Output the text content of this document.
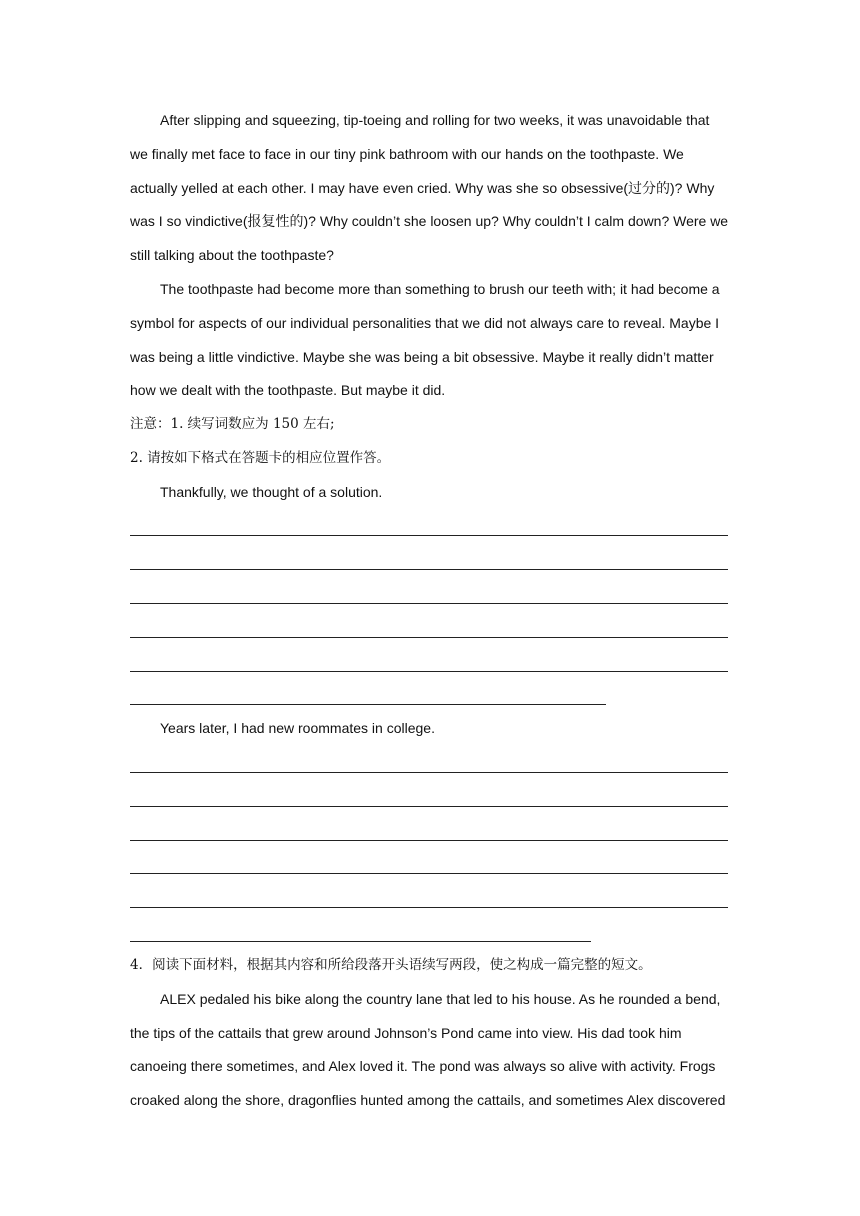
After slipping and squeezing, tip-toeing and rolling for two weeks, it was unavoidable that
we finally met face to face in our tiny pink bathroom with our hands on the toothpaste. We
actually yelled at each other. I may have even cried. Why was she so obsessive(过分的)? Why
was I so vindictive(报复性的)? Why couldn’t she loosen up? Why couldn’t I calm down? Were we
still talking about the toothpaste?
The toothpaste had become more than something to brush our teeth with; it had become a
symbol for aspects of our individual personalities that we did not always care to reveal. Maybe I
was being a little vindictive. Maybe she was being a bit obsessive. Maybe it really didn’t matter
how we dealt with the toothpaste. But maybe it did.
注意：1. 续写词数应为 150 左右;
2. 请按如下格式在答题卡的相应位置作答。
Thankfully, we thought of a solution.
Years later, I had new roommates in college.
4．阅读下面材料，根据其内容和所给段落开头语续写两段，使之构成一篇完整的短文。
ALEX pedaled his bike along the country lane that led to his house. As he rounded a bend,
the tips of the cattails that grew around Johnson’s Pond came into view. His dad took him
canoeing there sometimes, and Alex loved it. The pond was always so alive with activity. Frogs
croaked along the shore, dragonflies hunted among the cattails, and sometimes Alex discovered
